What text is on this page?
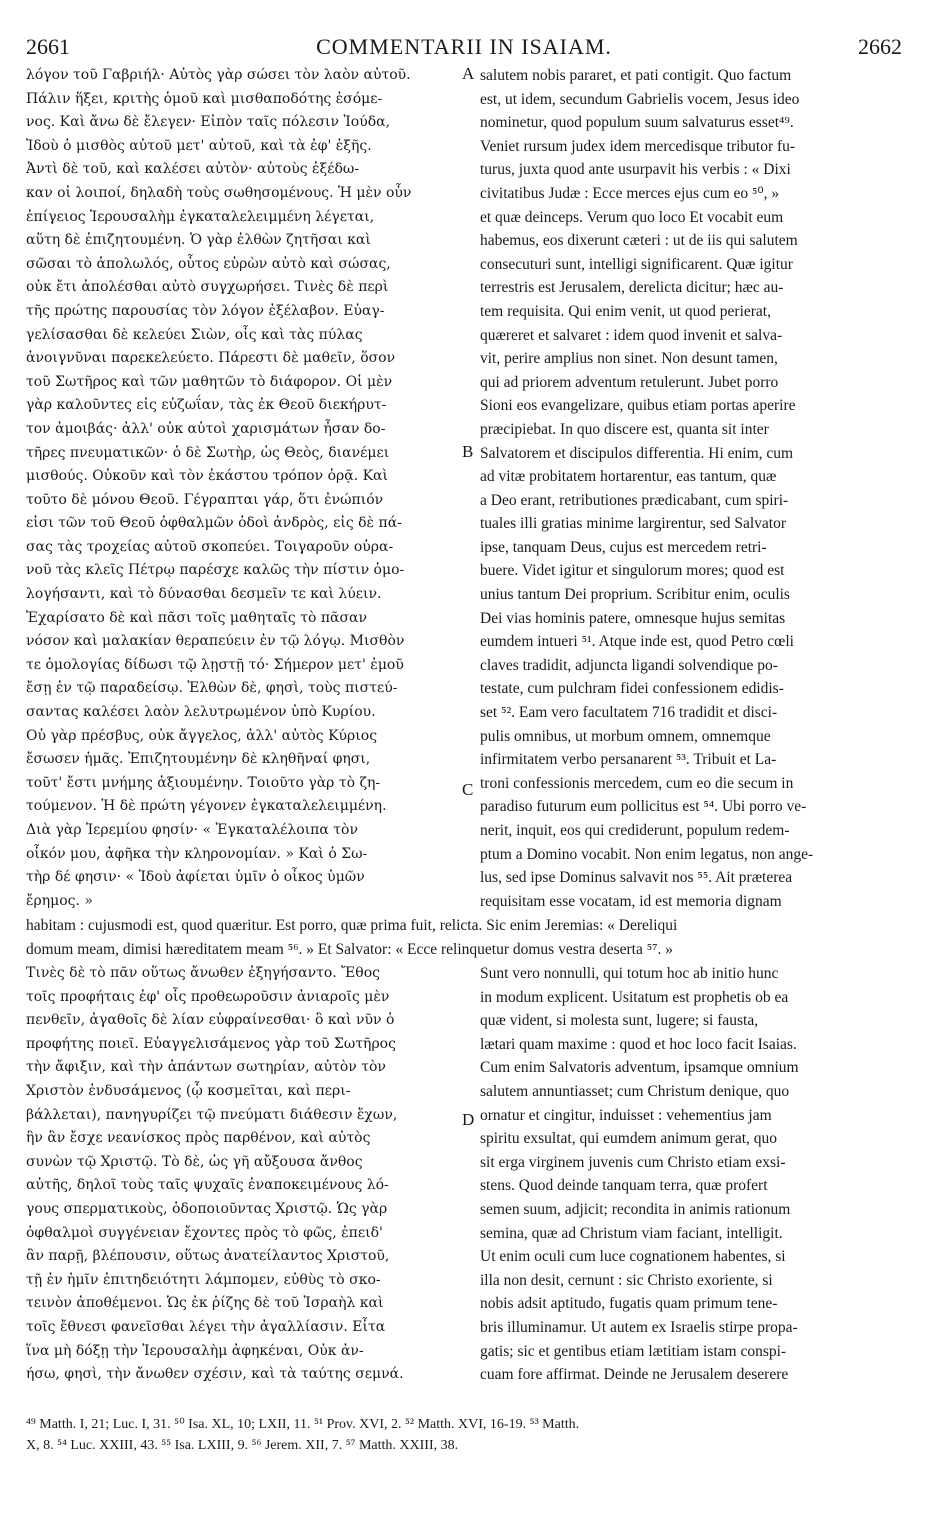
2661	COMMENTARII IN ISAIAM.	2662
A
B
C
D
λόγον τοῦ Γαβριήλ· Αὐτὸς γὰρ σώσει τὸν λαὸν αὐτοῦ.
Πάλιν ἥξει, κριτὴς ὁμοῦ καὶ μισθαποδότης ἐσόμε-
νος. Καὶ ἄνω δὲ ἔλεγεν· Εἰπὸν ταῖς πόλεσιν Ἰούδα,
Ἰδοὺ ὁ μισθὸς αὐτοῦ μετ' αὐτοῦ, καὶ τὰ ἐφ' ἑξῆς.
Ἀντὶ δὲ τοῦ, καὶ καλέσει αὐτὸν· αὐτοὺς ἐξέδω-
καν οἱ λοιποί, δηλαδὴ τοὺς σωθησομένους. Ἡ μὲν οὖν
ἐπίγειος Ἱερουσαλὴμ ἐγκαταλελειμμένη λέγεται,
αὕτη δὲ ἐπιζητουμένη. Ὁ γὰρ ἐλθὼν ζητῆσαι καὶ
σῶσαι τὸ ἀπολωλός, οὗτος εὑρὼν αὐτὸ καὶ σώσας,
οὐκ ἔτι ἀπολέσθαι αὐτὸ συγχωρήσει. Τινὲς δὲ περὶ
τῆς πρώτης παρουσίας τὸν λόγον ἐξέλαβον. Εὐαγ-
γελίσασθαι δὲ κελεύει Σιὼν, οἷς καὶ τὰς πύλας
ἀνοιγνῦναι παρεκελεύετο. Πάρεστι δὲ μαθεῖν, ὅσον
τοῦ Σωτῆρος καὶ τῶν μαθητῶν τὸ διάφορον. Οἱ μὲν
γὰρ καλοῦντες εἰς εὐζωΐαν, τὰς ἐκ Θεοῦ διεκήρυτ-
τον ἀμοιβάς· ἀλλ' οὐκ αὐτοὶ χαρισμάτων ἦσαν δο-
τῆρες πνευματικῶν· ὁ δὲ Σωτὴρ, ὡς Θεὸς, διανέμει
μισθούς. Οὐκοῦν καὶ τὸν ἑκάστου τρόπον ὁρᾷ. Καὶ
τοῦτο δὲ μόνου Θεοῦ. Γέγραπται γάρ, ὅτι ἐνώπιόν
εἰσι τῶν τοῦ Θεοῦ ὀφθαλμῶν ὁδοὶ ἀνδρὸς, εἰς δὲ πά-
σας τὰς τροχείας αὐτοῦ σκοπεύει. Τοιγαροῦν οὐρα-
νοῦ τὰς κλεῖς Πέτρῳ παρέσχε καλῶς τὴν πίστιν ὁμο-
λογήσαντι, καὶ τὸ δύνασθαι δεσμεῖν τε καὶ λύειν.
Ἐχαρίσατο δὲ καὶ πᾶσι τοῖς μαθηταῖς τὸ πᾶσαν
νόσον καὶ μαλακίαν θεραπεύειν ἐν τῷ λόγῳ. Μισθὸν
τε ὁμολογίας δίδωσι τῷ λῃστῇ τό· Σήμερον μετ' ἐμοῦ
ἔσῃ ἐν τῷ παραδείσῳ. Ἐλθὼν δὲ, φησὶ, τοὺς πιστεύ-
σαντας καλέσει λαὸν λελυτρωμένον ὑπὸ Κυρίου.
Οὐ γὰρ πρέσβυς, οὐκ ἄγγελος, ἀλλ' αὐτὸς Κύριος
ἔσωσεν ἡμᾶς. Ἐπιζητουμένην δὲ κληθῆναί φησι,
τοῦτ' ἔστι μνήμης ἀξιουμένην. Τοιοῦτο γὰρ τὸ ζη-
τούμενον. Ἡ δὲ πρώτη γέγονεν ἐγκαταλελειμμένη.
Διὰ γὰρ Ἱερεμίου φησίν· « Ἐγκαταλέλοιπα τὸν
οἶκόν μου, ἀφῆκα τὴν κληρονομίαν. » Καὶ ὁ Σω-
τὴρ δέ φησιν· « Ἰδοὺ ἀφίεται ὑμῖν ὁ οἶκος ὑμῶν
ἔρημος. »
salutem nobis pararet, et pati contigit. Quo factum
est, ut idem, secundum Gabrielis vocem, Jesus ideo
nominetur, quod populum suum salvaturus esset⁴⁹.
Veniet rursum judex idem mercedisque tributor fu-
turus, juxta quod ante usurpavit his verbis : « Dixi
civitatibus Judæ : Ecce merces ejus cum eo ⁵⁰, »
et quæ deinceps. Verum quo loco Et vocabit eum
habemus, eos dixerunt cæteri : ut de iis qui salutem
consecuturi sunt, intelligi significarent. Quæ igitur
terrestris est Jerusalem, derelicta dicitur; hæc au-
tem requisita. Qui enim venit, ut quod perierat,
quæreret et salvaret : idem quod invenit et salva-
vit, perire amplius non sinet. Non desunt tamen,
qui ad priorem adventum retulerunt. Jubet porro
Sioni eos evangelizare, quibus etiam portas aperire
præcipiebat. In quo discere est, quanta sit inter
Salvatorem et discipulos differentia. Hi enim, cum
ad vitæ probitatem hortarentur, eas tantum, quæ
a Deo erant, retributiones prædicabant, cum spiri-
tuales illi gratias minime largirentur, sed Salvator
ipse, tanquam Deus, cujus est mercedem retri-
buere. Videt igitur et singulorum mores; quod est
unius tantum Dei proprium. Scribitur enim, oculis
Dei vias hominis patere, omnesque hujus semitas
eumdem intueri ⁵¹. Atque inde est, quod Petro cœli
claves tradidit, adjuncta ligandi solvendique po-
testate, cum pulchram fidei confessionem edidis-
set ⁵². Eam vero facultatem 716 tradidit et disci-
pulis omnibus, ut morbum omnem, omnemque
infirmitatem verbo persanarent ⁵³. Tribuit et La-
troni confessionis mercedem, cum eo die secum in
paradiso futurum eum pollicitus est ⁵⁴. Ubi porro ve-
nerit, inquit, eos qui crediderunt, populum redem-
ptum a Domino vocabit. Non enim legatus, non ange-
lus, sed ipse Dominus salvavit nos ⁵⁵. Ait præterea
requisitam esse vocatam, id est memoria dignam
habitam : cujusmodi est, quod quæritur. Est porro, quæ prima fuit, relicta. Sic enim Jeremias: « Dereliqui
domum meam, dimisi hæreditatem meam ⁵⁶. » Et Salvator: « Ecce relinquetur domus vestra deserta ⁵⁷. »
Τινὲς δὲ τὸ πᾶν οὕτως ἄνωθεν ἐξηγήσαντο. Ἔθος
τοῖς προφήταις ἐφ' οἷς προθεωροῦσιν ἀνιαροῖς μὲν
πενθεῖν, ἀγαθοῖς δὲ λίαν εὐφραίνεσθαι· ὃ καὶ νῦν ὁ
προφήτης ποιεῖ. Εὐαγγελισάμενος γὰρ τοῦ Σωτῆρος
τὴν ἄφιξιν, καὶ τὴν ἁπάντων σωτηρίαν, αὐτὸν τὸν
Χριστὸν ἐνδυσάμενος (ᾧ κοσμεῖται, καὶ περι-
βάλλεται), πανηγυρίζει τῷ πνεύματι διάθεσιν ἔχων,
ἣν ἂν ἔσχε νεανίσκος πρὸς παρθένον, καὶ αὐτὸς
συνὼν τῷ Χριστῷ. Τὸ δὲ, ὡς γῆ αὔξουσα ἄνθος
αὐτῆς, δηλοῖ τοὺς ταῖς ψυχαῖς ἐναποκειμένους λό-
γους σπερματικοὺς, ὁδοποιοῦντας Χριστῷ. Ὡς γὰρ
ὀφθαλμοὶ συγγένειαν ἔχοντες πρὸς τὸ φῶς, ἐπειδ'
ἂν παρῇ, βλέπουσιν, οὕτως ἀνατείλαντος Χριστοῦ,
τῇ ἐν ἡμῖν ἐπιτηδειότητι λάμπομεν, εὐθὺς τὸ σκο-
τεινὸν ἀποθέμενοι. Ὡς ἐκ ῥίζης δὲ τοῦ Ἰσραὴλ καὶ
τοῖς ἔθνεσι φανεῖσθαι λέγει τὴν ἀγαλλίασιν. Εἶτα
ἵνα μὴ δόξῃ τὴν Ἱερουσαλὴμ ἀφηκέναι, Οὐκ ἀν-
ήσω, φησὶ, τὴν ἄνωθεν σχέσιν, καὶ τὰ ταύτης σεμνά.
Sunt vero nonnulli, qui totum hoc ab initio hunc
in modum explicent. Usitatum est prophetis ob ea
quæ vident, si molesta sunt, lugere; si fausta,
lætari quam maxime : quod et hoc loco facit Isaias.
Cum enim Salvatoris adventum, ipsamque omnium
salutem annuntiasset; cum Christum denique, quo
ornatur et cingitur, induisset : vehementius jam
spiritu exsultat, qui eumdem animum gerat, quo
sit erga virginem juvenis cum Christo etiam exsi-
stens. Quod deinde tanquam terra, quæ profert
semen suum, adjicit; recondita in animis rationum
semina, quæ ad Christum viam faciant, intelligit.
Ut enim oculi cum luce cognationem habentes, si
illa non desit, cernunt : sic Christo exoriente, si
nobis adsit aptitudo, fugatis quam primum tene-
bris illuminamur. Ut autem ex Israelis stirpe propa-
gatis; sic et gentibus etiam lætitiam istam conspi-
cuam fore affirmat. Deinde ne Jerusalem deserere
⁴⁹ Matth. I, 21; Luc. I, 31. ⁵⁰ Isa. XL, 10; LXII, 11. ⁵¹ Prov. XVI, 2. ⁵² Matth. XVI, 16-19. ⁵³ Matth.
X, 8. ⁵⁴ Luc. XXIII, 43. ⁵⁵ Isa. LXIII, 9. ⁵⁶ Jerem. XII, 7. ⁵⁷ Matth. XXIII, 38.
